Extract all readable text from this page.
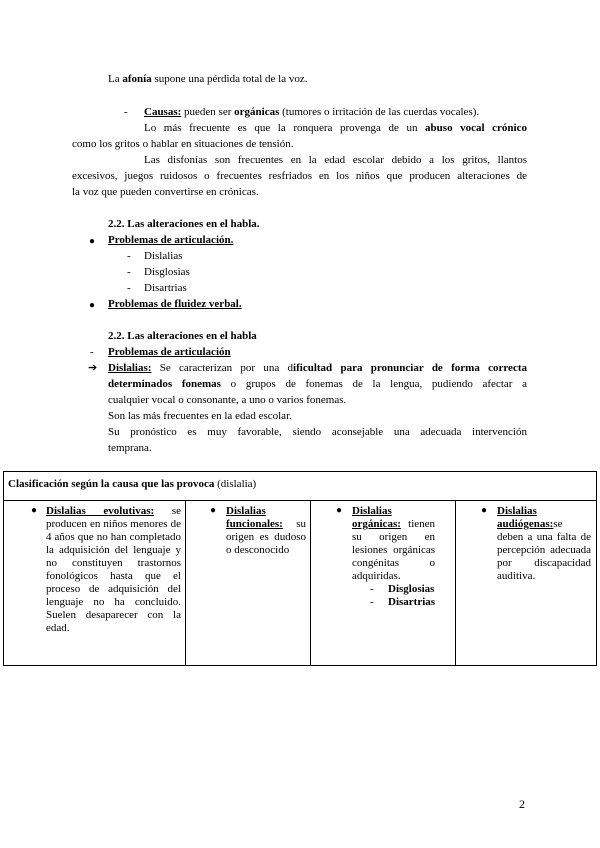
La afonía supone una pérdida total de la voz.
- Causas: pueden ser orgánicas (tumores o irritación de las cuerdas vocales).
Lo más frecuente es que la ronquera provenga de un abuso vocal crónico
como los gritos o hablar en situaciones de tensión.
Las disfonías son frecuentes en la edad escolar debido a los gritos, llantos
excesivos, juegos ruidosos o frecuentes resfriados en los niños que producen alteraciones de
la voz que pueden convertirse en crónicas.
2.2. Las alteraciones en el habla.
● Problemas de articulación.
- Dislalias
- Disglosias
- Disartrias
● Problemas de fluidez verbal.
2.2. Las alteraciones en el habla
- Problemas de articulación
➔ Dislalias: Se caracterizan por una dificultad para pronunciar de forma correcta
determinados fonemas o grupos de fonemas de la lengua, pudiendo afectar a
cualquier vocal o consonante, a uno o varios fonemas.
Son las más frecuentes en la edad escolar.
Su pronóstico es muy favorable, siendo aconsejable una adecuada intervención
temprana.
Clasificación según la causa que las provoca (dislalia)

● Dislalias evolutivas: se producen en niños menores de 4 años que no han completado la adquisición del lenguaje y no constituyen trastornos fonológicos hasta que el proceso de adquisición del lenguaje no ha concluido. Suelen desaparecer con la edad.

● Dislalias funcionales: su origen es dudoso o desconocido

● Dislalias orgánicas: tienen su origen en lesiones orgánicas congénitas o adquiridas.
- Disglosias
- Disartrias

● Dislalias audiógenas:se deben a una falta de percepción adecuada por discapacidad auditiva.
2
